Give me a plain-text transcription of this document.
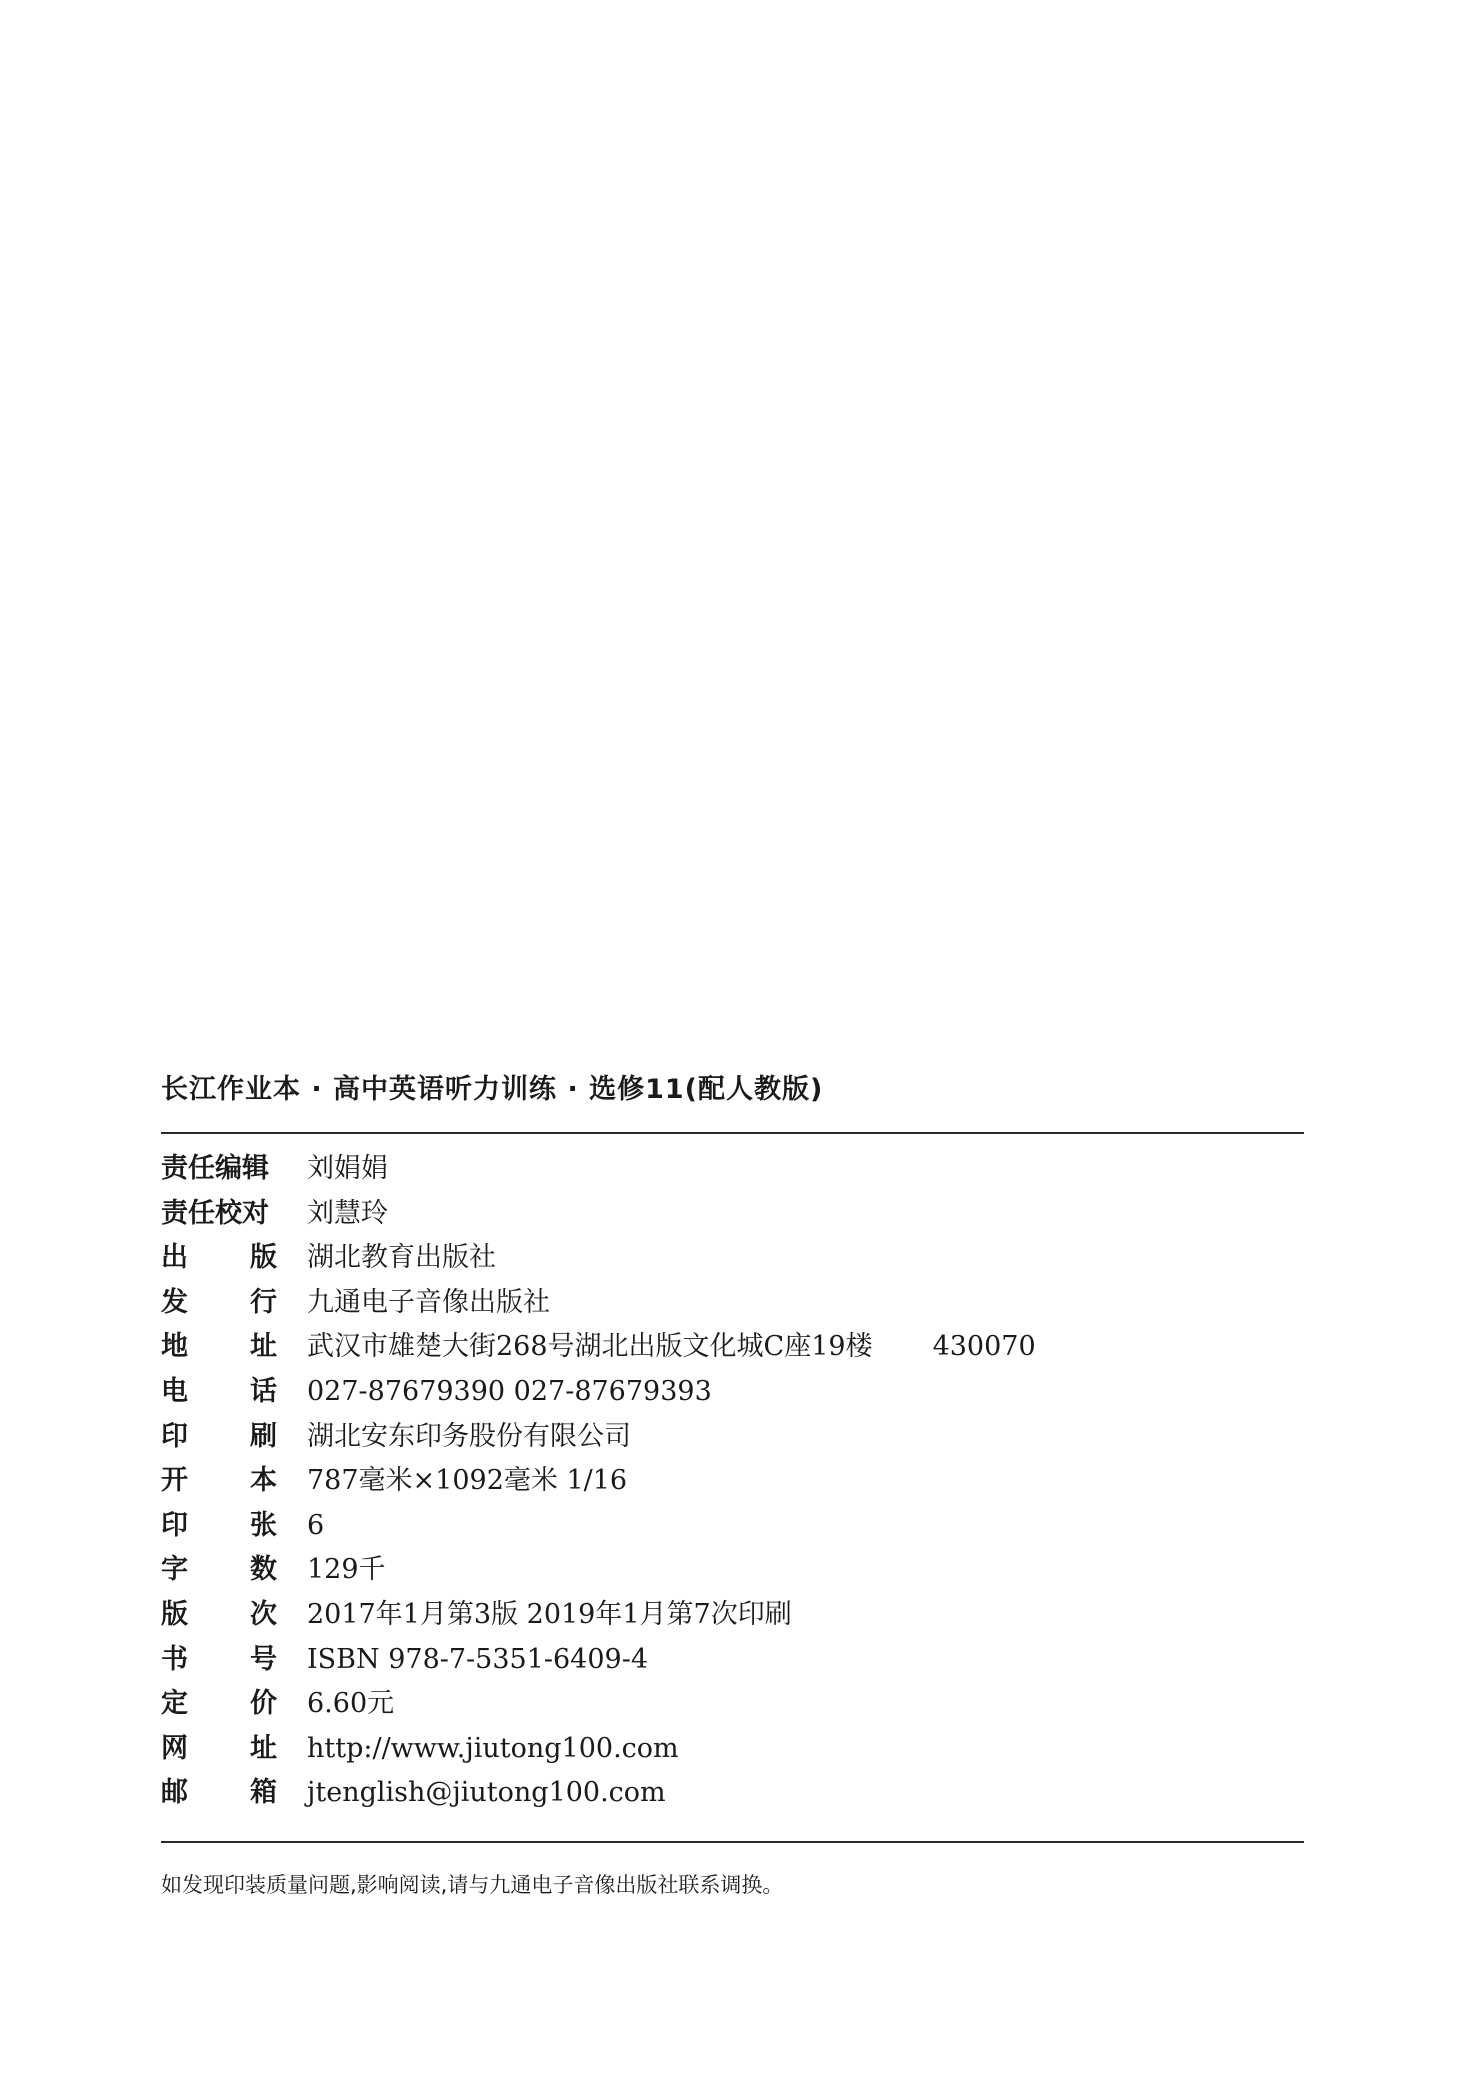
长江作业本 · 高中英语听力训练 · 选修11(配人教版)
责任编辑 刘娟娟
责任校对 刘慧玲
出 版 湖北教育出版社
发 行 九通电子音像出版社
地 址 武汉市雄楚大街268号湖北出版文化城C座19楼 430070
电 话 027-87679390 027-87679393
印 刷 湖北安东印务股份有限公司
开 本 787毫米×1092毫米 1/16
印 张 6
字 数 129千
版 次 2017年1月第3版 2019年1月第7次印刷
书 号 ISBN 978-7-5351-6409-4
定 价 6.60元
网 址 http://www.jiutong100.com
邮 箱 jtenglish@jiutong100.com

如发现印装质量问题,影响阅读,请与九通电子音像出版社联系调换。
